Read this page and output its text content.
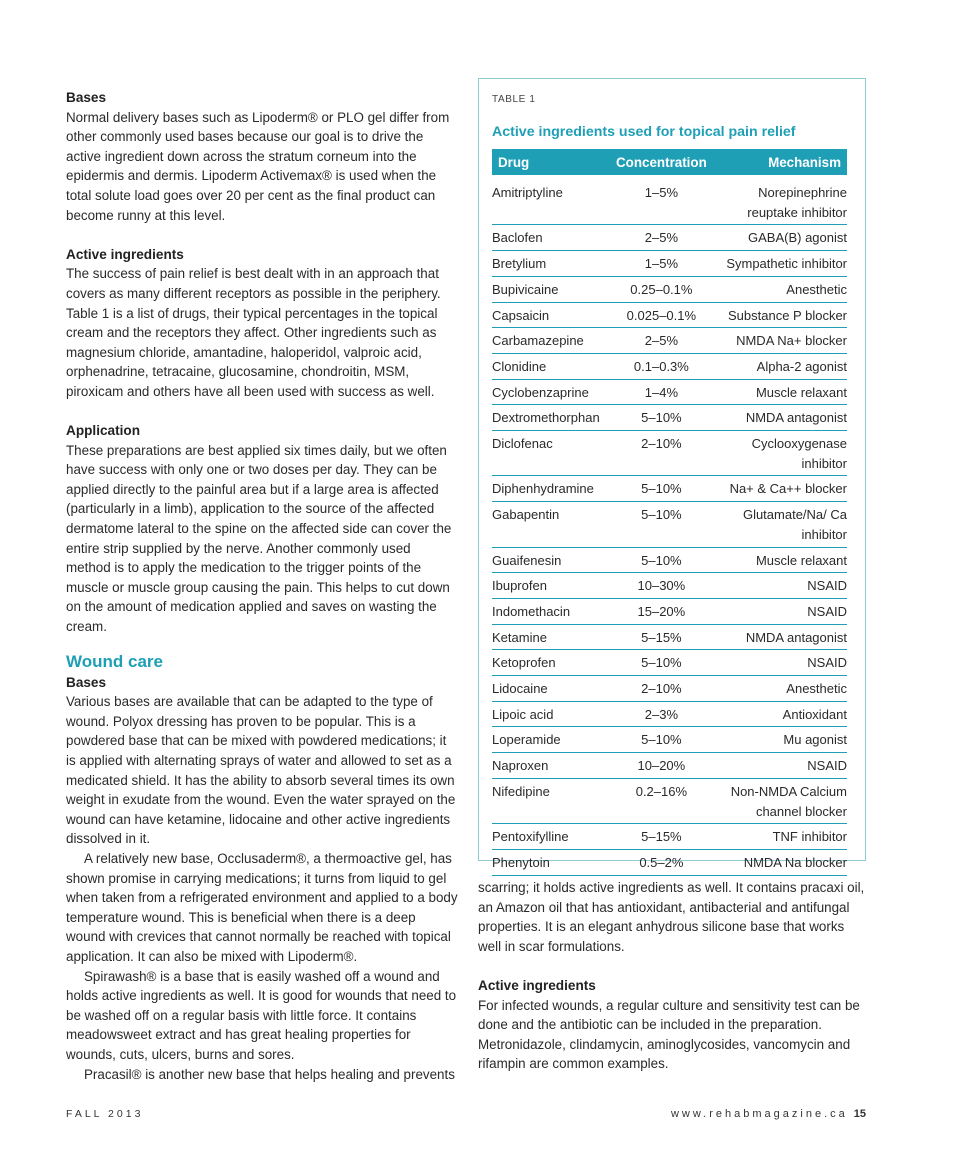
Bases

Normal delivery bases such as Lipoderm® or PLO gel differ from other commonly used bases because our goal is to drive the active ingredient down across the stratum corneum into the epidermis and dermis. Lipoderm Activemax® is used when the total solute load goes over 20 per cent as the final product can become runny at this level.

Active ingredients

The success of pain relief is best dealt with in an approach that covers as many different receptors as possible in the periphery. Table 1 is a list of drugs, their typical percentages in the topical cream and the receptors they affect. Other ingredients such as magnesium chloride, amantadine, haloperidol, valproic acid, orphenadrine, tetracaine, glucosamine, chondroitin, MSM, piroxicam and others have all been used with success as well.

Application

These preparations are best applied six times daily, but we often have success with only one or two doses per day. They can be applied directly to the painful area but if a large area is affected (particularly in a limb), application to the source of the affected dermatome lateral to the spine on the affected side can cover the entire strip supplied by the nerve. Another commonly used method is to apply the medication to the trigger points of the muscle or muscle group causing the pain. This helps to cut down on the amount of medication applied and saves on wasting the cream.

Wound care
Bases

Various bases are available that can be adapted to the type of wound. Polyox dressing has proven to be popular. This is a powdered base that can be mixed with powdered medications; it is applied with alternating sprays of water and allowed to set as a medicated shield. It has the ability to absorb several times its own weight in exudate from the wound. Even the water sprayed on the wound can have ketamine, lidocaine and other active ingredients dissolved in it.

A relatively new base, Occlusaderm®, a thermoactive gel, has shown promise in carrying medications; it turns from liquid to gel when taken from a refrigerated environment and applied to a body temperature wound. This is beneficial when there is a deep wound with crevices that cannot normally be reached with topical application. It can also be mixed with Lipoderm®.

Spirawash® is a base that is easily washed off a wound and holds active ingredients as well. It is good for wounds that need to be washed off on a regular basis with little force. It contains meadowsweet extract and has great healing properties for wounds, cuts, ulcers, burns and sores.

Pracasil® is another new base that helps healing and prevents

TABLE 1
Active ingredients used for topical pain relief
Drug	Concentration	Mechanism
Amitriptyline	1–5%	Norepinephrine reuptake inhibitor
Baclofen	2–5%	GABA(B) agonist
Bretylium	1–5%	Sympathetic inhibitor
Bupivicaine	0.25–0.1%	Anesthetic
Capsaicin	0.025–0.1%	Substance P blocker
Carbamazepine	2–5%	NMDA Na+ blocker
Clonidine	0.1–0.3%	Alpha-2 agonist
Cyclobenzaprine	1–4%	Muscle relaxant
Dextromethorphan	5–10%	NMDA antagonist
Diclofenac	2–10%	Cyclooxygenase inhibitor
Diphenhydramine	5–10%	Na+ & Ca++ blocker
Gabapentin	5–10%	Glutamate/Na/ Ca inhibitor
Guaifenesin	5–10%	Muscle relaxant
Ibuprofen	10–30%	NSAID
Indomethacin	15–20%	NSAID
Ketamine	5–15%	NMDA antagonist
Ketoprofen	5–10%	NSAID
Lidocaine	2–10%	Anesthetic
Lipoic acid	2–3%	Antioxidant
Loperamide	5–10%	Mu agonist
Naproxen	10–20%	NSAID
Nifedipine	0.2–16%	Non-NMDA Calcium channel blocker
Pentoxifylline	5–15%	TNF inhibitor
Phenytoin	0.5–2%	NMDA Na blocker

scarring; it holds active ingredients as well. It contains pracaxi oil, an Amazon oil that has antioxidant, antibacterial and antifungal properties. It is an elegant anhydrous silicone base that works well in scar formulations.

Active ingredients

For infected wounds, a regular culture and sensitivity test can be done and the antibiotic can be included in the preparation. Metronidazole, clindamycin, aminoglycosides, vancomycin and rifampin are common examples.

FALL 2013	www.rehabmagazine.ca 15
